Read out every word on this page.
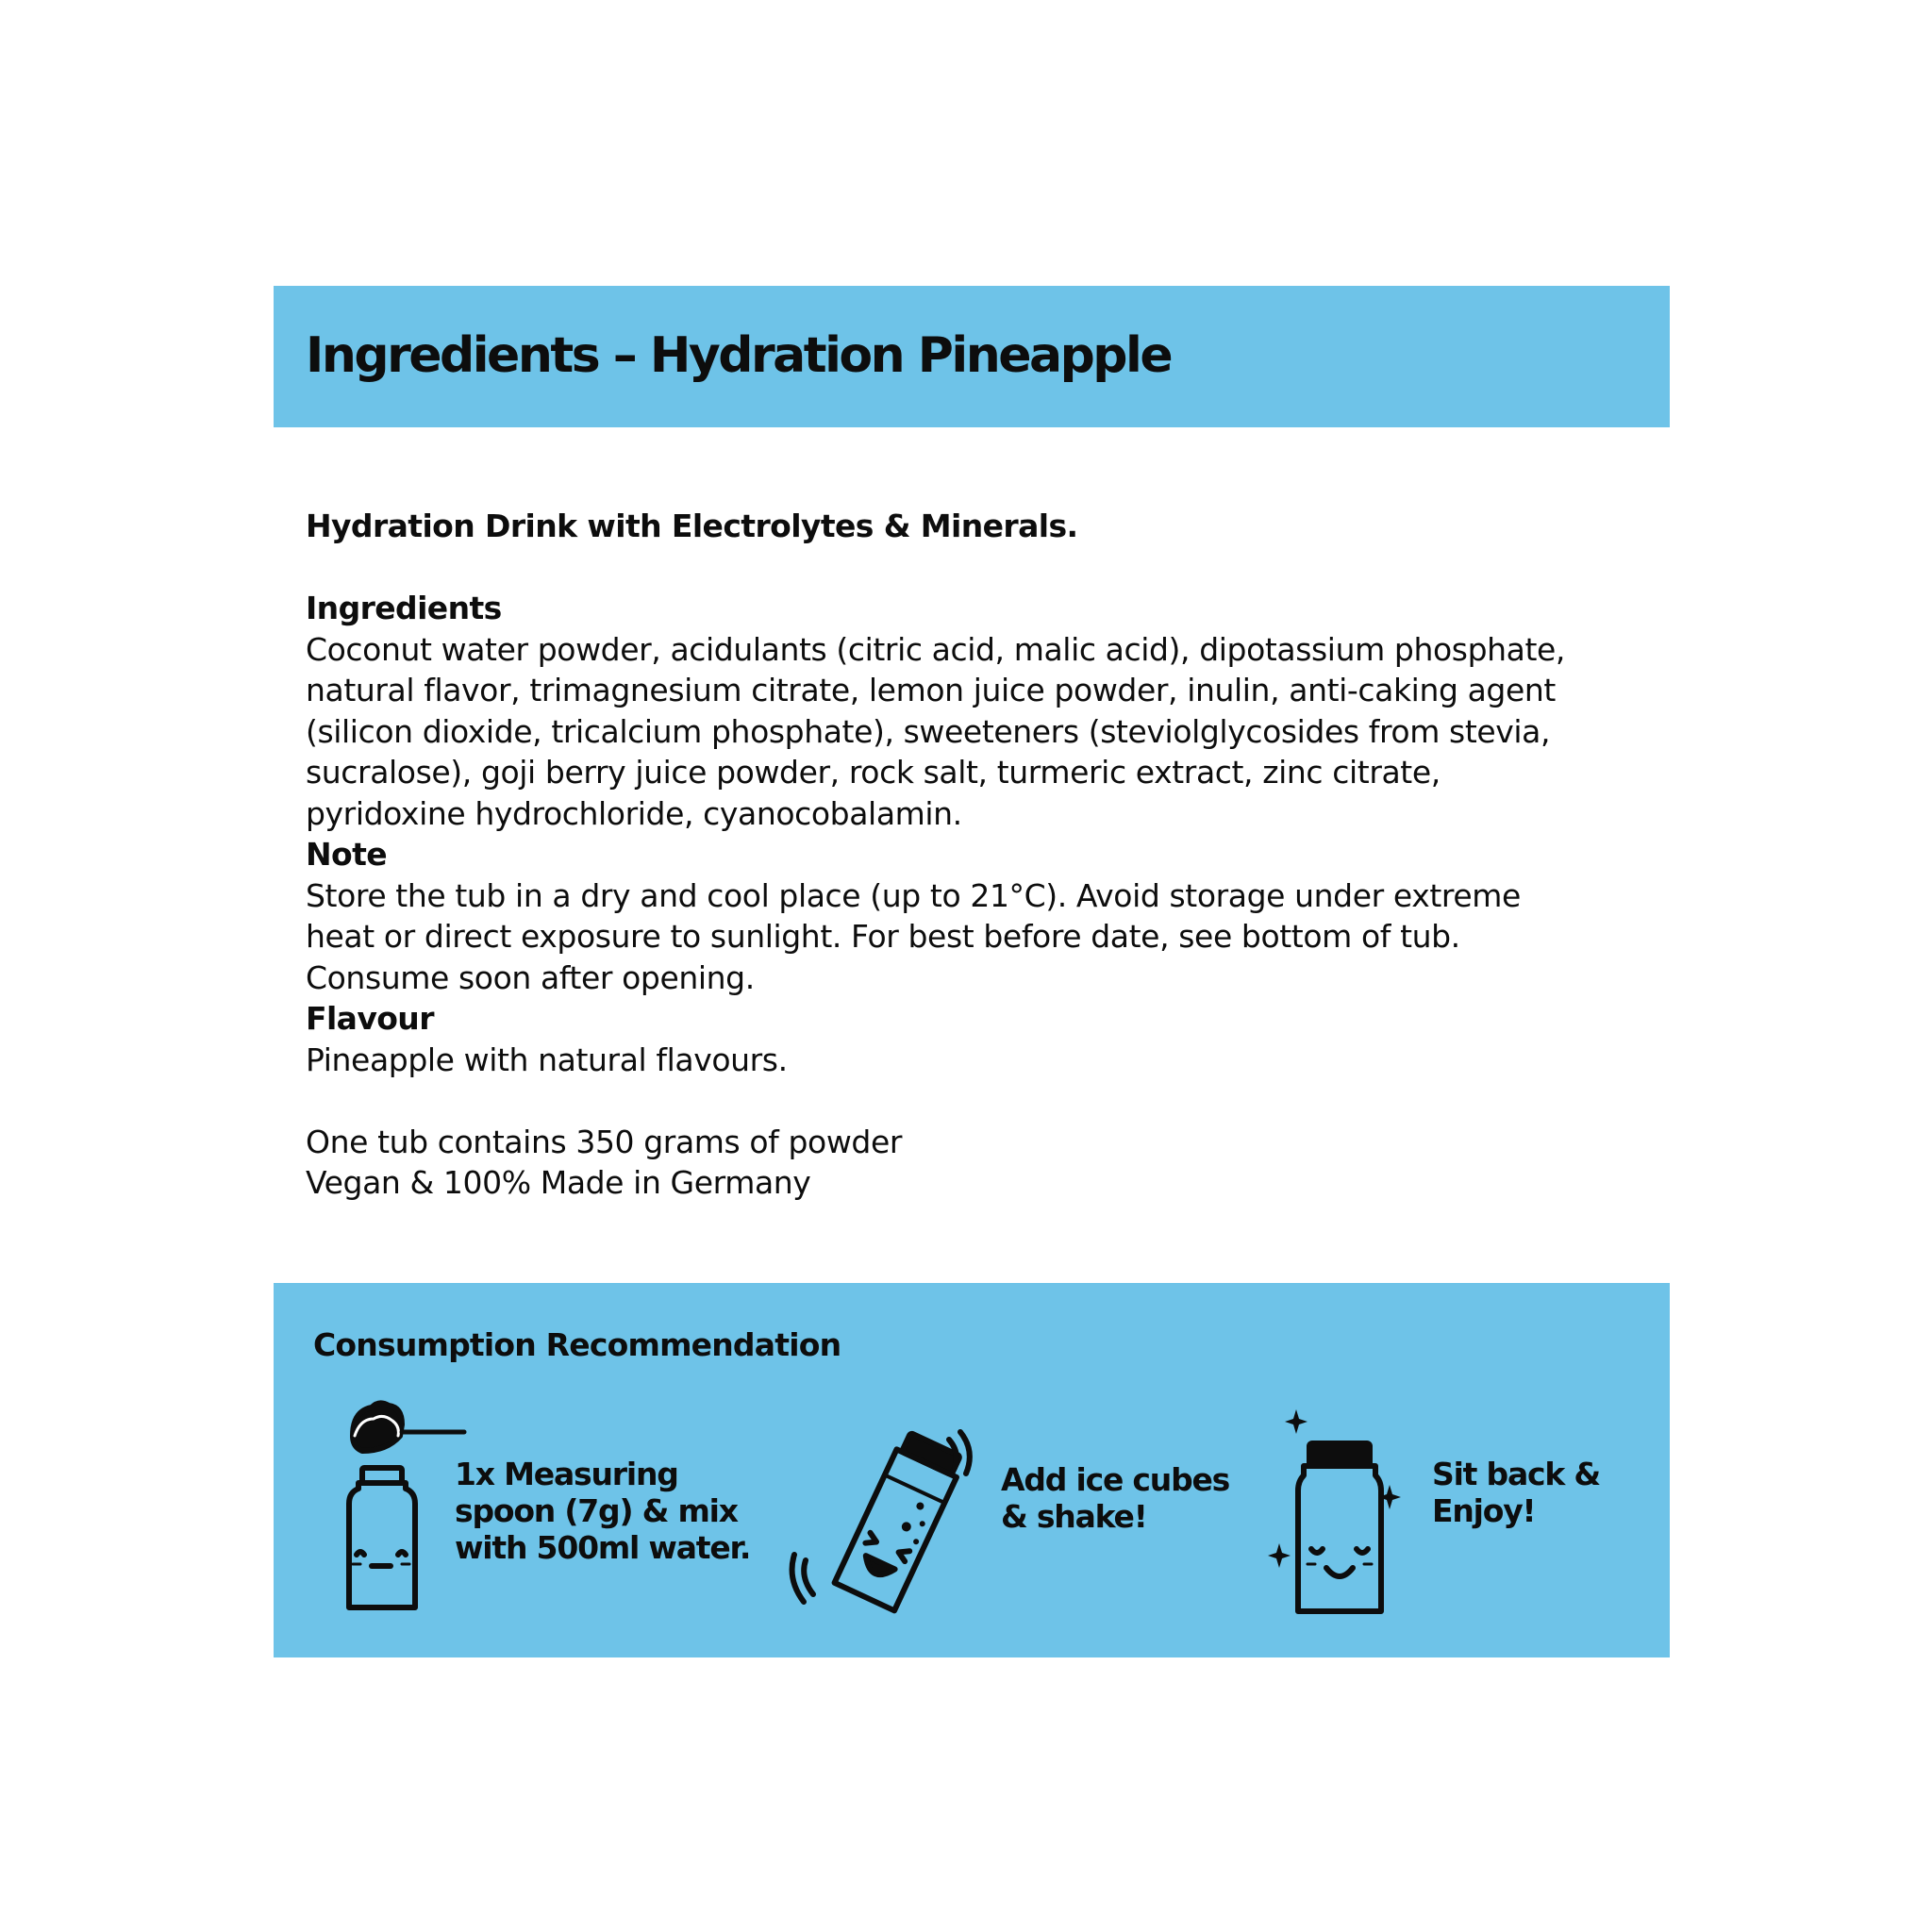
Ingredients – Hydration Pineapple
Hydration Drink with Electrolytes & Minerals.
Ingredients
Coconut water powder, acidulants (citric acid, malic acid), dipotassium phosphate,
natural flavor, trimagnesium citrate, lemon juice powder, inulin, anti-caking agent
(silicon dioxide, tricalcium phosphate), sweeteners (steviolglycosides from stevia,
sucralose), goji berry juice powder, rock salt, turmeric extract, zinc citrate,
pyridoxine hydrochloride, cyanocobalamin.
Note
Store the tub in a dry and cool place (up to 21°C). Avoid storage under extreme
heat or direct exposure to sunlight. For best before date, see bottom of tub.
Consume soon after opening.
Flavour
Pineapple with natural flavours.
One tub contains 350 grams of powder
Vegan & 100% Made in Germany
Consumption Recommendation
1x Measuring
spoon (7g) & mix
with 500ml water.
Add ice cubes
& shake!
Sit back &
Enjoy!
